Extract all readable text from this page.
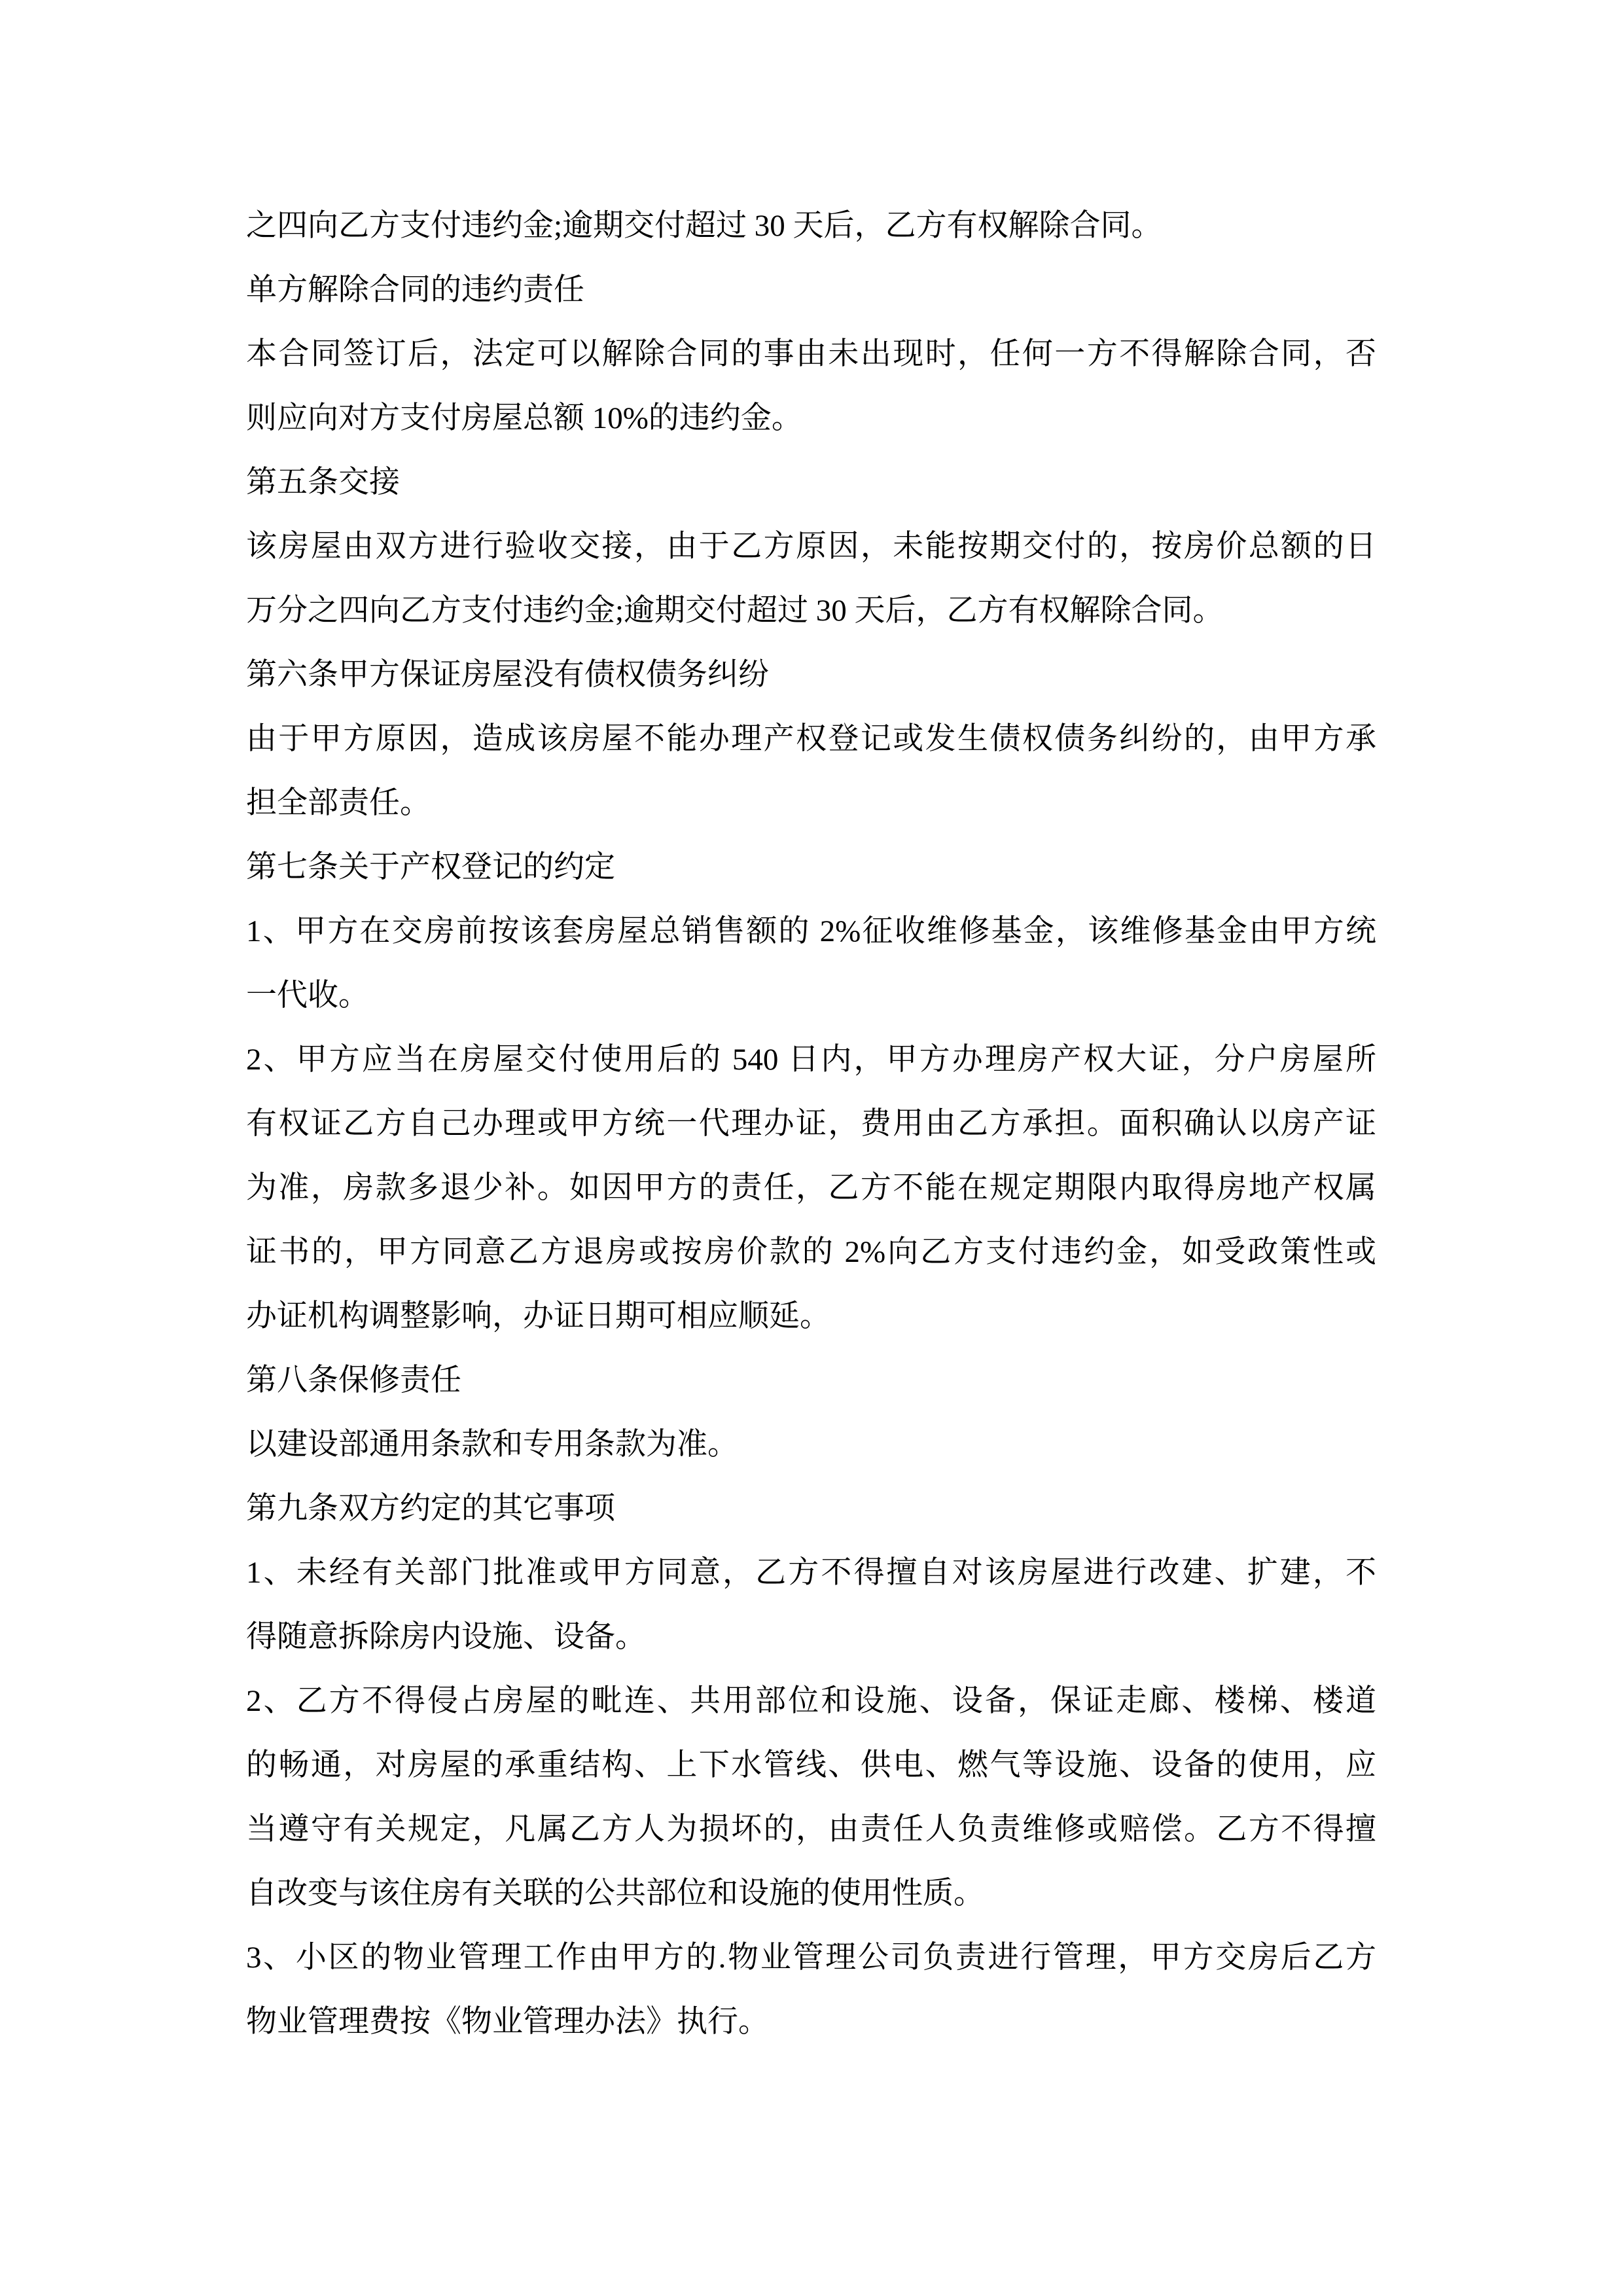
之四向乙方支付违约金;逾期交付超过 30 天后，乙方有权解除合同。
单方解除合同的违约责任
本合同签订后，法定可以解除合同的事由未出现时，任何一方不得解除合同，否
则应向对方支付房屋总额 10%的违约金。
第五条交接
该房屋由双方进行验收交接，由于乙方原因，未能按期交付的，按房价总额的日
万分之四向乙方支付违约金;逾期交付超过 30 天后，乙方有权解除合同。
第六条甲方保证房屋没有债权债务纠纷
由于甲方原因，造成该房屋不能办理产权登记或发生债权债务纠纷的，由甲方承
担全部责任。
第七条关于产权登记的约定
1、甲方在交房前按该套房屋总销售额的 2%征收维修基金，该维修基金由甲方统
一代收。
2、甲方应当在房屋交付使用后的 540 日内，甲方办理房产权大证，分户房屋所
有权证乙方自己办理或甲方统一代理办证，费用由乙方承担。面积确认以房产证
为准，房款多退少补。如因甲方的责任，乙方不能在规定期限内取得房地产权属
证书的，甲方同意乙方退房或按房价款的 2%向乙方支付违约金，如受政策性或
办证机构调整影响，办证日期可相应顺延。
第八条保修责任
以建设部通用条款和专用条款为准。
第九条双方约定的其它事项
1、未经有关部门批准或甲方同意，乙方不得擅自对该房屋进行改建、扩建，不
得随意拆除房内设施、设备。
2、乙方不得侵占房屋的毗连、共用部位和设施、设备，保证走廊、楼梯、楼道
的畅通，对房屋的承重结构、上下水管线、供电、燃气等设施、设备的使用，应
当遵守有关规定，凡属乙方人为损坏的，由责任人负责维修或赔偿。乙方不得擅
自改变与该住房有关联的公共部位和设施的使用性质。
3、小区的物业管理工作由甲方的.物业管理公司负责进行管理，甲方交房后乙方
物业管理费按《物业管理办法》执行。
